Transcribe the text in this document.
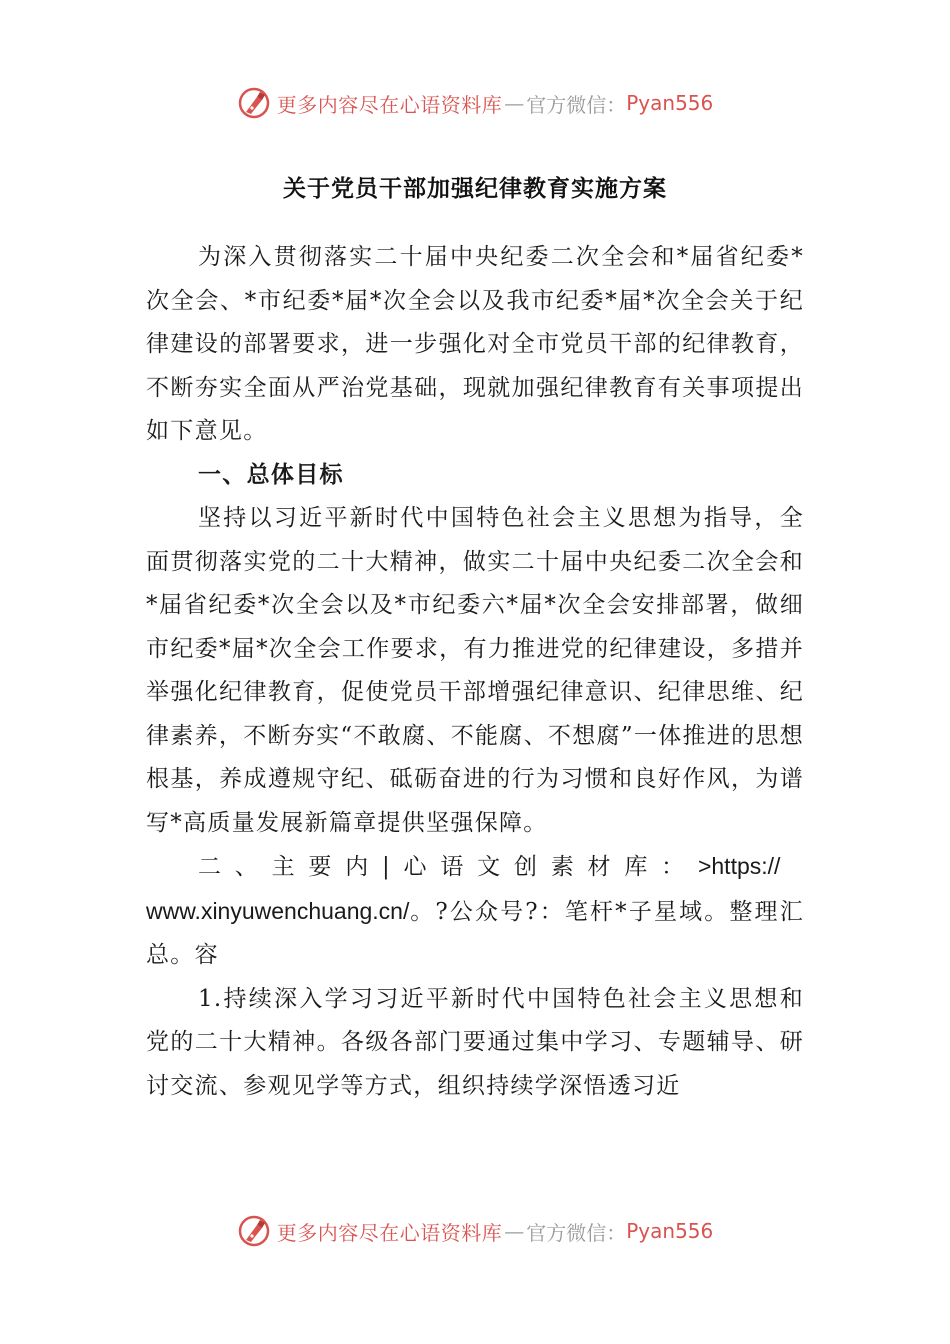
更多内容尽在心语资料库 — 官方微信： Pyan556
关于党员干部加强纪律教育实施方案

为深入贯彻落实二十届中央纪委二次全会和*届省纪委*次全会、*市纪委*届*次全会以及我市纪委*届*次全会关于纪律建设的部署要求，进一步强化对全市党员干部的纪律教育，不断夯实全面从严治党基础，现就加强纪律教育有关事项提出如下意见。

一、总体目标

坚持以习近平新时代中国特色社会主义思想为指导，全面贯彻落实党的二十大精神，做实二十届中央纪委二次全会和*届省纪委*次全会以及*市纪委六*届*次全会安排部署，做细市纪委*届*次全会工作要求，有力推进党的纪律建设，多措并举强化纪律教育，促使党员干部增强纪律意识、纪律思维、纪律素养，不断夯实“不敢腐、不能腐、不想腐”一体推进的思想根基，养成遵规守纪、砥砺奋进的行为习惯和良好作风，为谱写*高质量发展新篇章提供坚强保障。

二、主要内|心语文创素材库：>https://

www.xinyuwenchuang.cn/。?公众号?：笔杆*子星域。整理汇总。容

1.持续深入学习习近平新时代中国特色社会主义思想和党的二十大精神。各级各部门要通过集中学习、专题辅导、研讨交流、参观见学等方式，组织持续学深悟透习近

更多内容尽在心语资料库 — 官方微信： Pyan556
